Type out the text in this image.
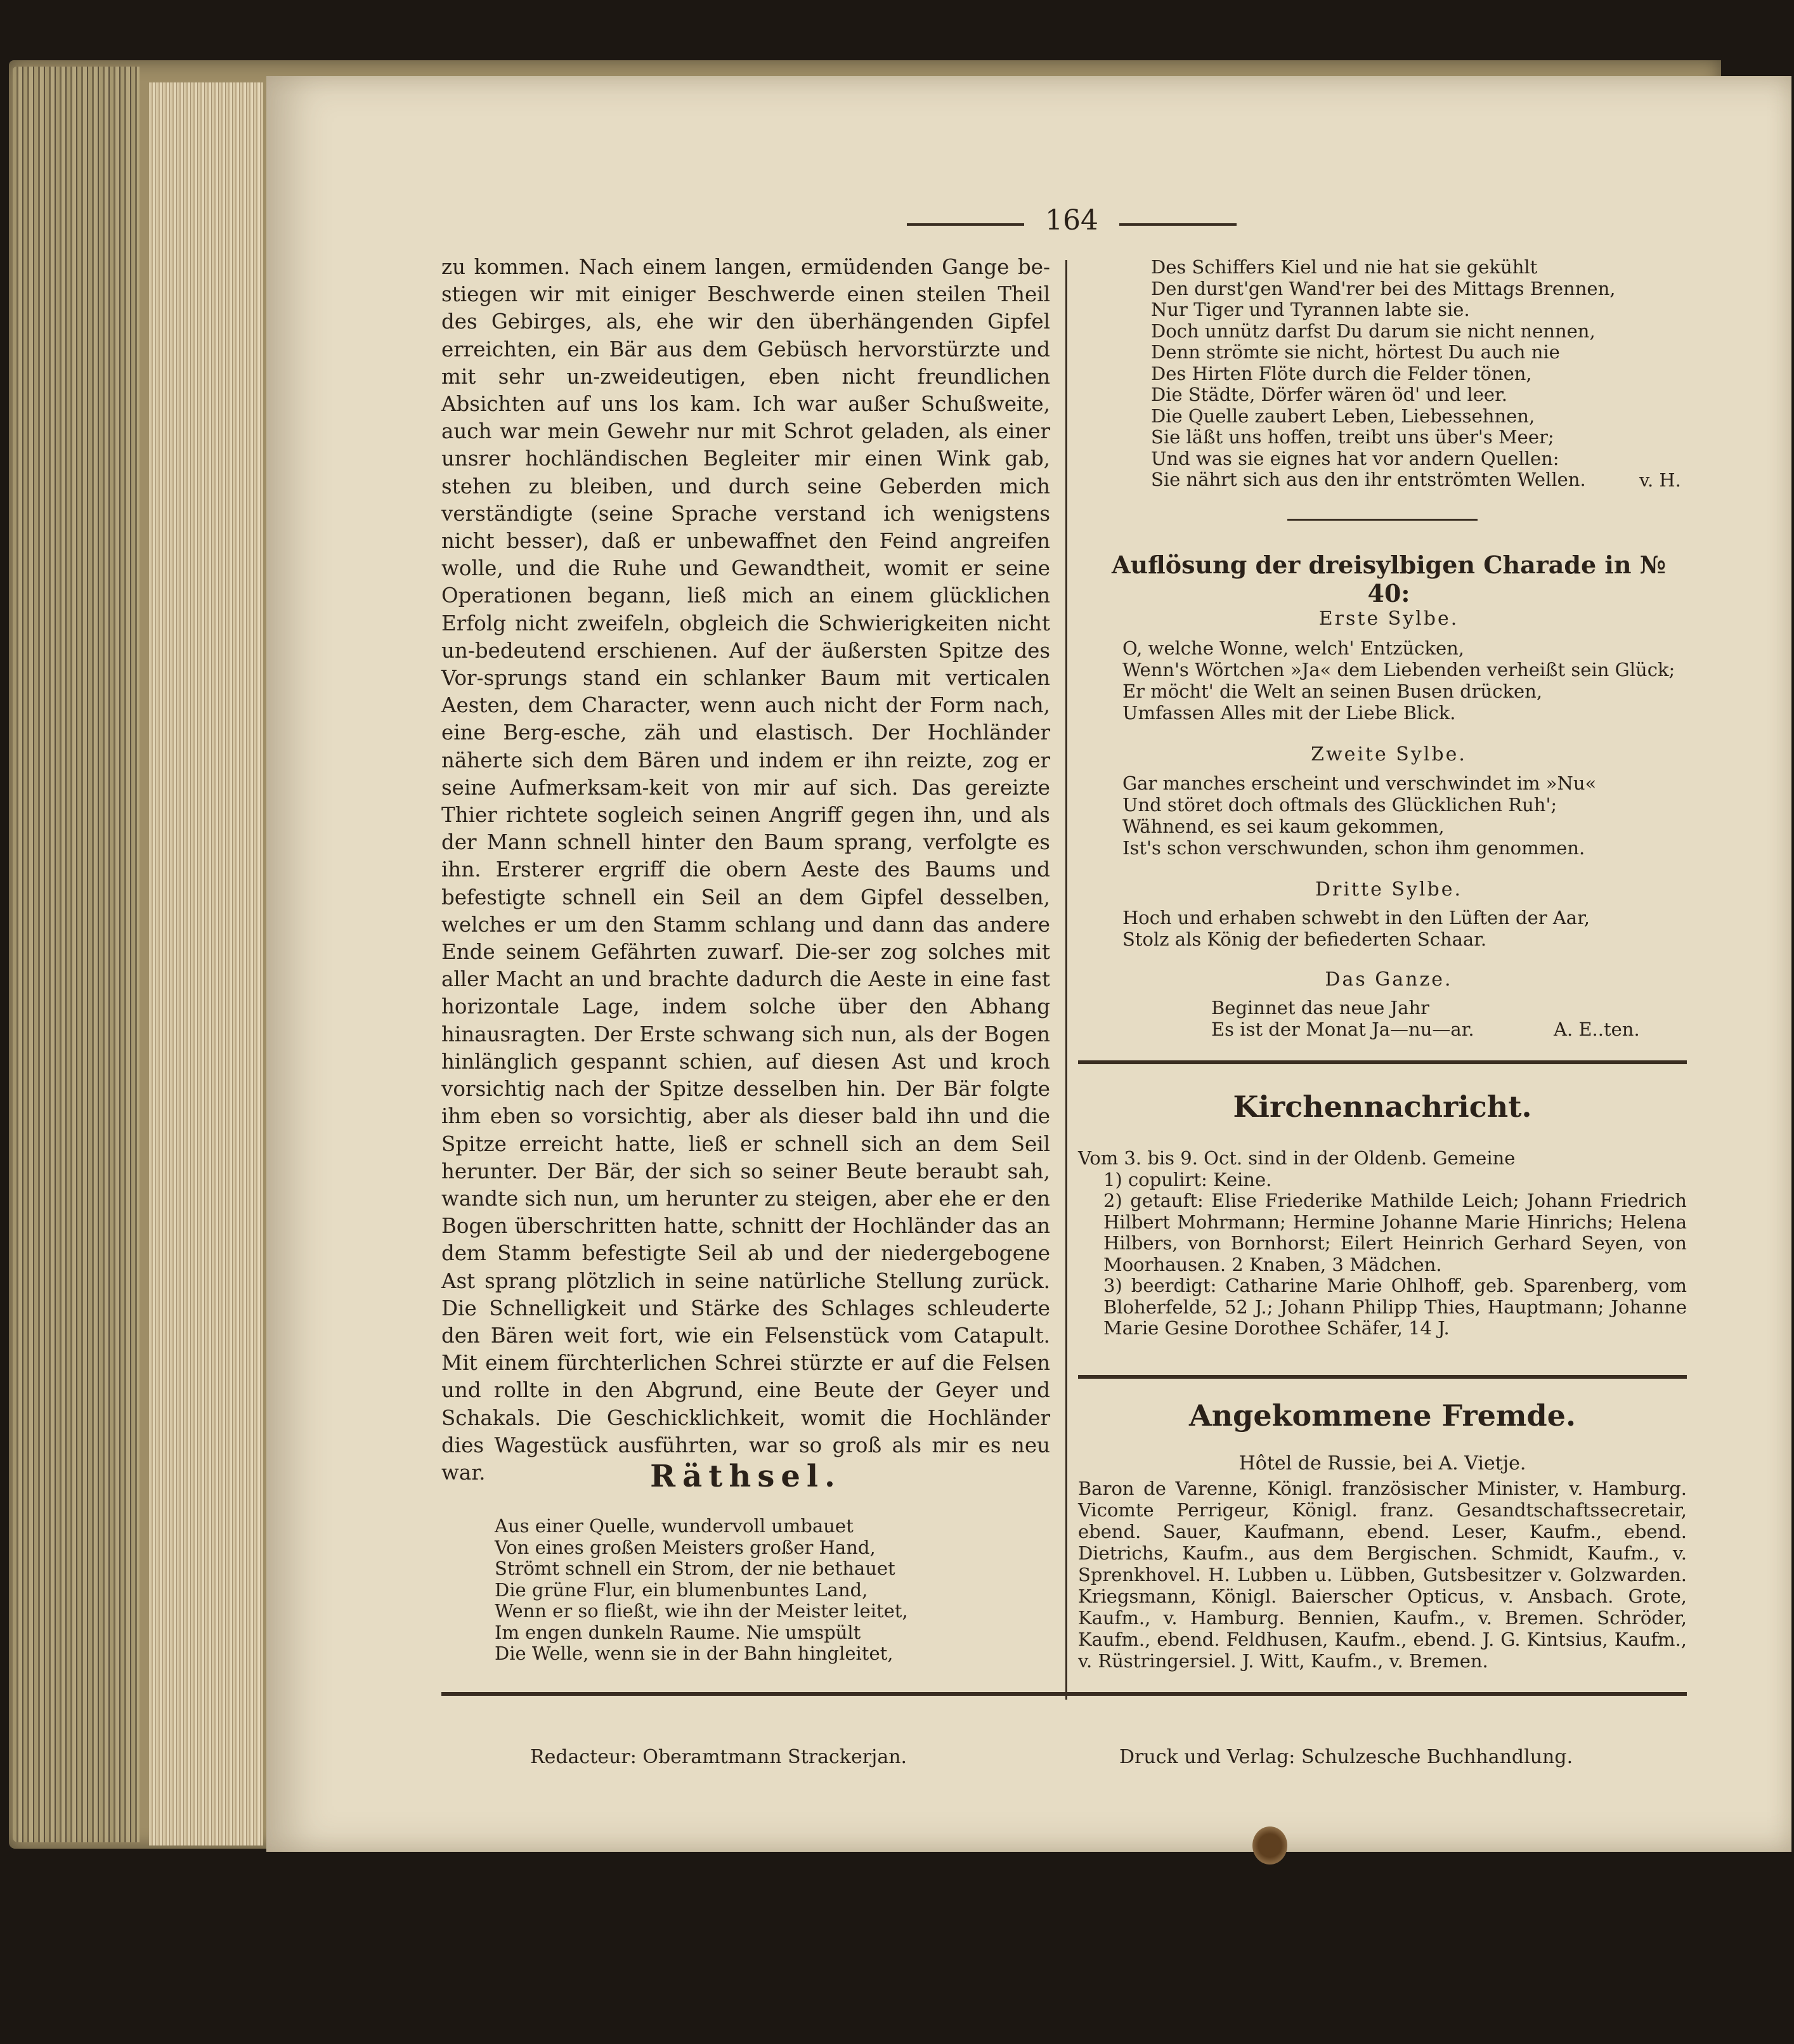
164

zu kommen. Nach einem langen, ermüdenden Gange be-stiegen wir mit einiger Beschwerde einen steilen Theil des Gebirges, als, ehe wir den überhängenden Gipfel erreichten, ein Bär aus dem Gebüsch hervorstürzte und mit sehr un-zweideutigen, eben nicht freundlichen Absichten auf uns los kam. Ich war außer Schußweite, auch war mein Gewehr nur mit Schrot geladen, als einer unsrer hochländischen Begleiter mir einen Wink gab, stehen zu bleiben, und durch seine Geberden mich verständigte (seine Sprache verstand ich wenigstens nicht besser), daß er unbewaffnet den Feind angreifen wolle, und die Ruhe und Gewandtheit, womit er seine Operationen begann, ließ mich an einem glücklichen Erfolg nicht zweifeln, obgleich die Schwierigkeiten nicht un-bedeutend erschienen. Auf der äußersten Spitze des Vor-sprungs stand ein schlanker Baum mit verticalen Aesten, dem Character, wenn auch nicht der Form nach, eine Berg-esche, zäh und elastisch. Der Hochländer näherte sich dem Bären und indem er ihn reizte, zog er seine Aufmerksam-keit von mir auf sich. Das gereizte Thier richtete sogleich seinen Angriff gegen ihn, und als der Mann schnell hinter den Baum sprang, verfolgte es ihn. Ersterer ergriff die obern Aeste des Baums und befestigte schnell ein Seil an dem Gipfel desselben, welches er um den Stamm schlang und dann das andere Ende seinem Gefährten zuwarf. Die-ser zog solches mit aller Macht an und brachte dadurch die Aeste in eine fast horizontale Lage, indem solche über den Abhang hinausragten. Der Erste schwang sich nun, als der Bogen hinlänglich gespannt schien, auf diesen Ast und kroch vorsichtig nach der Spitze desselben hin. Der Bär folgte ihm eben so vorsichtig, aber als dieser bald ihn und die Spitze erreicht hatte, ließ er schnell sich an dem Seil herunter. Der Bär, der sich so seiner Beute beraubt sah, wandte sich nun, um herunter zu steigen, aber ehe er den Bogen überschritten hatte, schnitt der Hochländer das an dem Stamm befestigte Seil ab und der niedergebogene Ast sprang plötzlich in seine natürliche Stellung zurück. Die Schnelligkeit und Stärke des Schlages schleuderte den Bären weit fort, wie ein Felsenstück vom Catapult. Mit einem fürchterlichen Schrei stürzte er auf die Felsen und rollte in den Abgrund, eine Beute der Geyer und Schakals. Die Geschicklichkeit, womit die Hochländer dies Wagestück ausführten, war so groß als mir es neu war.	Räthsel.
Aus einer Quelle, wundervoll umbauet
Von eines großen Meisters großer Hand,
Strömt schnell ein Strom, der nie bethauet
Die grüne Flur, ein blumenbuntes Land,
Wenn er so fließt, wie ihn der Meister leitet,
Im engen dunkeln Raume. Nie umspült
Die Welle, wenn sie in der Bahn hingleitet,
Des Schiffers Kiel und nie hat sie gekühlt
Den durst'gen Wand'rer bei des Mittags Brennen,
Nur Tiger und Tyrannen labte sie.
Doch unnütz darfst Du darum sie nicht nennen,
Denn strömte sie nicht, hörtest Du auch nie
Des Hirten Flöte durch die Felder tönen,
Die Städte, Dörfer wären öd' und leer.
Die Quelle zaubert Leben, Liebessehnen,
Sie läßt uns hoffen, treibt uns über's Meer;
Und was sie eignes hat vor andern Quellen:
Sie nährt sich aus den ihr entströmten Wellen.	v. H.
Auflösung der dreisylbigen Charade in № 40:
Erste Sylbe.
O, welche Wonne, welch' Entzücken,
Wenn's Wörtchen »Ja« dem Liebenden verheißt sein Glück;
Er möcht' die Welt an seinen Busen drücken,
Umfassen Alles mit der Liebe Blick.
Zweite Sylbe.
Gar manches erscheint und verschwindet im »Nu«
Und störet doch oftmals des Glücklichen Ruh';
Wähnend, es sei kaum gekommen,
Ist's schon verschwunden, schon ihm genommen.
Dritte Sylbe.
Hoch und erhaben schwebt in den Lüften der Aar,
Stolz als König der befiederten Schaar.
Das Ganze.
Beginnet das neue Jahr
Es ist der Monat Ja—nu—ar.	A. E..ten.
Kirchennachricht.

Vom 3. bis 9. Oct. sind in der Oldenb. Gemeine

1) copulirt: Keine.

2) getauft: Elise Friederike Mathilde Leich; Johann Friedrich Hilbert Mohrmann; Hermine Johanne Marie Hinrichs; Helena Hilbers, von Bornhorst; Eilert Heinrich Gerhard Seyen, von Moorhausen. 2 Knaben, 3 Mädchen.

3) beerdigt: Catharine Marie Ohlhoff, geb. Sparenberg, vom Bloherfelde, 52 J.; Johann Philipp Thies, Hauptmann; Johanne Marie Gesine Dorothee Schäfer, 14 J.

Angekommene Fremde.
Hôtel de Russie, bei A. Vietje.
Baron de Varenne, Königl. französischer Minister, v. Hamburg. Vicomte Perrigeur, Königl. franz. Gesandtschaftssecretair, ebend. Sauer, Kaufmann, ebend. Leser, Kaufm., ebend. Dietrichs, Kaufm., aus dem Bergischen. Schmidt, Kaufm., v. Sprenkhovel. H. Lubben u. Lübben, Gutsbesitzer v. Golzwarden. Kriegsmann, Königl. Baierscher Opticus, v. Ansbach. Grote, Kaufm., v. Hamburg. Bennien, Kaufm., v. Bremen. Schröder, Kaufm., ebend. Feldhusen, Kaufm., ebend. J. G. Kintsius, Kaufm., v. Rüstringersiel. J. Witt, Kaufm., v. Bremen.
Redacteur: Oberamtmann Strackerjan.	Druck und Verlag: Schulzesche Buchhandlung.
